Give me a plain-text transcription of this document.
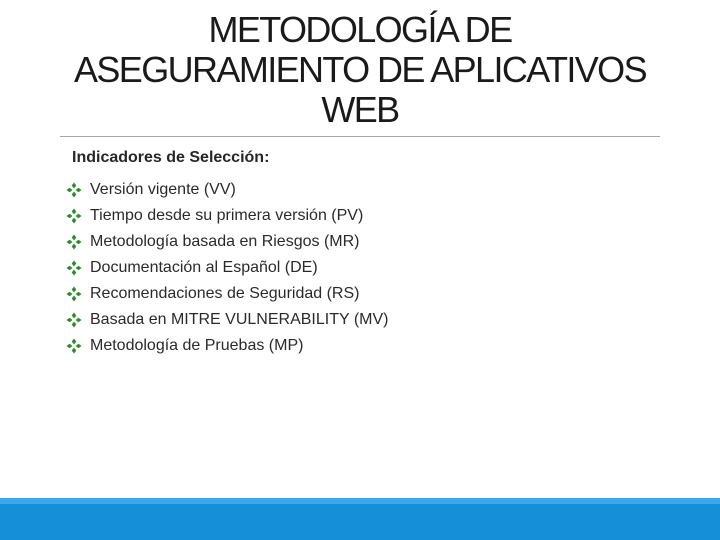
METODOLOGÍA DE
ASEGURAMIENTO DE APLICATIVOS
WEB
Indicadores de Selección:
Versión vigente (VV)
Tiempo desde su primera versión (PV)
Metodología basada en Riesgos (MR)
Documentación al Español (DE)
Recomendaciones de Seguridad (RS)
Basada en MITRE VULNERABILITY (MV)
Metodología de Pruebas (MP)
